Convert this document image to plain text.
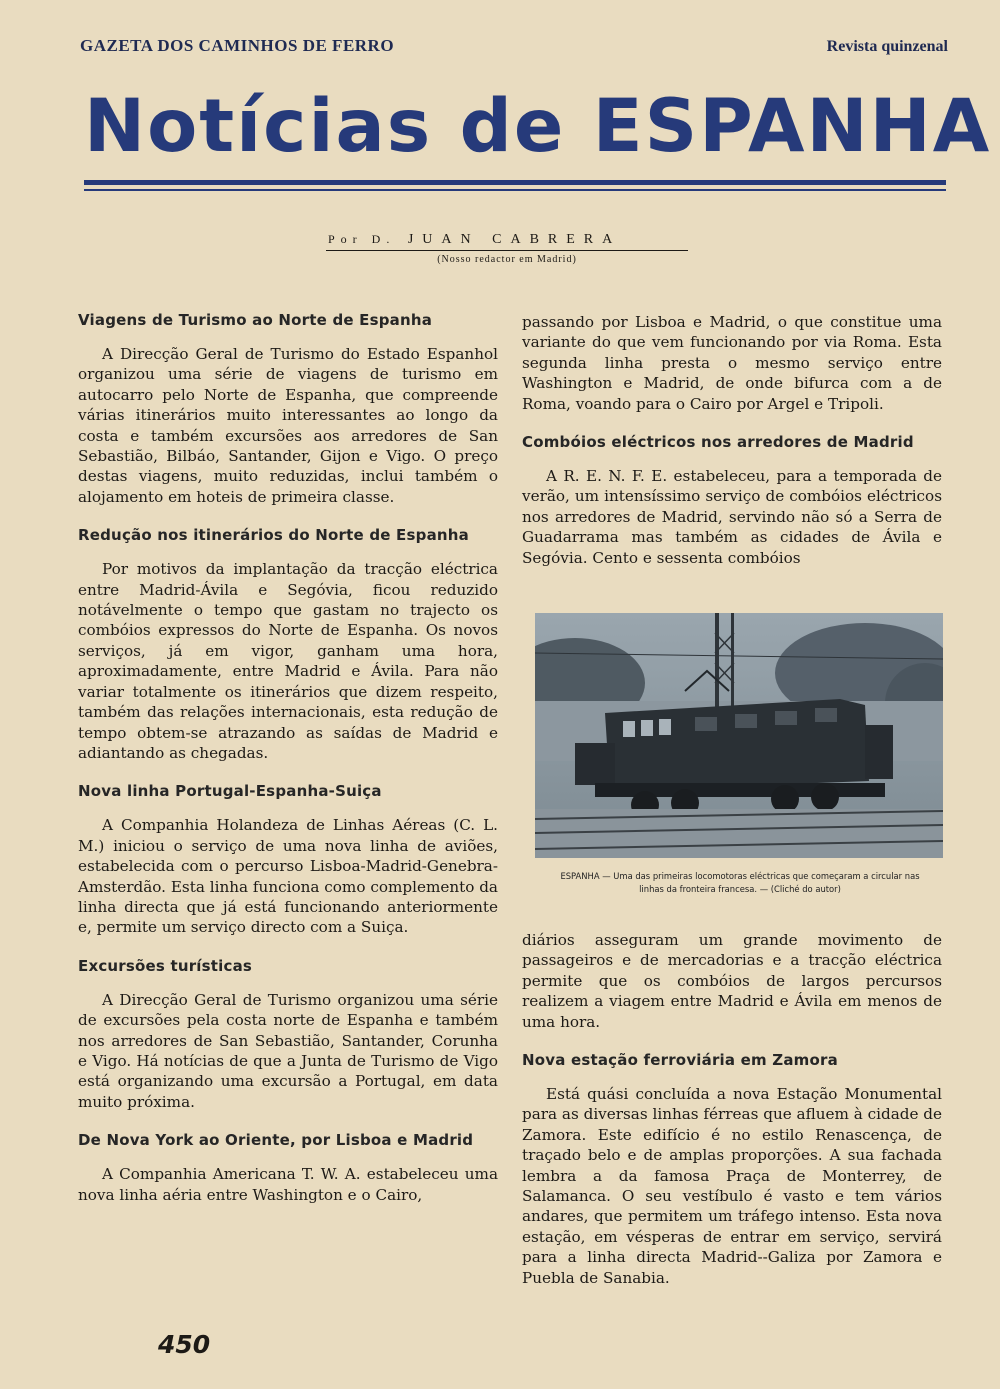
GAZETA DOS CAMINHOS DE FERRO	Revista quinzenal
Notícias de ESPANHA
Por D. JUAN CABRERA
(Nosso redactor em Madrid)
Viagens de Turismo ao Norte de Espanha

A Direcção Geral de Turismo do Estado Espanhol organizou uma série de viagens de turismo em autocarro pelo Norte de Espanha, que compreende várias itinerários muito interessantes ao longo da costa e também excursões aos arredores de San Sebastião, Bilbáo, Santander, Gijon e Vigo. O preço destas viagens, muito reduzidas, inclui também o alojamento em hoteis de primeira classe.

Redução nos itinerários do Norte de Espanha

Por motivos da implantação da tracção eléctrica entre Madrid-Ávila e Segóvia, ficou reduzido notávelmente o tempo que gastam no trajecto os combóios expressos do Norte de Espanha. Os novos serviços, já em vigor, ganham uma hora, aproximadamente, entre Madrid e Ávila. Para não variar totalmente os itinerários que dizem respeito, também das relações internacionais, esta redução de tempo obtem-se atrazando as saídas de Madrid e adiantando as chegadas.

Nova linha Portugal-Espanha-Suiça

A Companhia Holandeza de Linhas Aéreas (C. L. M.) iniciou o serviço de uma nova linha de aviões, estabelecida com o percurso Lisboa-Madrid-Genebra-Amsterdão. Esta linha funciona como complemento da linha directa que já está funcionando anteriormente e, permite um serviço directo com a Suiça.

Excursões turísticas

A Direcção Geral de Turismo organizou uma série de excursões pela costa norte de Espanha e também nos arredores de San Sebastião, Santander, Corunha e Vigo. Há notícias de que a Junta de Turismo de Vigo está organizando uma excursão a Portugal, em data muito próxima.

De Nova York ao Oriente, por Lisboa e Madrid

A Companhia Americana T. W. A. estabeleceu uma nova linha aéria entre Washington e o Cairo,

passando por Lisboa e Madrid, o que constitue uma variante do que vem funcionando por via Roma. Esta segunda linha presta o mesmo serviço entre Washington e Madrid, de onde bifurca com a de Roma, voando para o Cairo por Argel e Tripoli.

Combóios eléctricos nos arredores de Madrid

A R. E. N. F. E. estabeleceu, para a temporada de verão, um intensíssimo serviço de combóios eléctricos nos arredores de Madrid, servindo não só a Serra de Guadarrama mas também as cidades de Ávila e Segóvia. Cento e sessenta combóios

ESPANHA — Uma das primeiras locomotoras eléctricas que começaram a circular nas linhas da fronteira francesa. — (Cliché do autor)

diários asseguram um grande movimento de passageiros e de mercadorias e a tracção eléctrica permite que os combóios de largos percursos realizem a viagem entre Madrid e Ávila em menos de uma hora.

Nova estação ferroviária em Zamora

Está quási concluída a nova Estação Monumental para as diversas linhas férreas que afluem à cidade de Zamora. Este edifício é no estilo Renascença, de traçado belo e de amplas proporções. A sua fachada lembra a da famosa Praça de Monterrey, de Salamanca. O seu vestíbulo é vasto e tem vários andares, que permitem um tráfego intenso. Esta nova estação, em vésperas de entrar em serviço, servirá para a linha directa Madrid--Galiza por Zamora e Puebla de Sanabia.

450
